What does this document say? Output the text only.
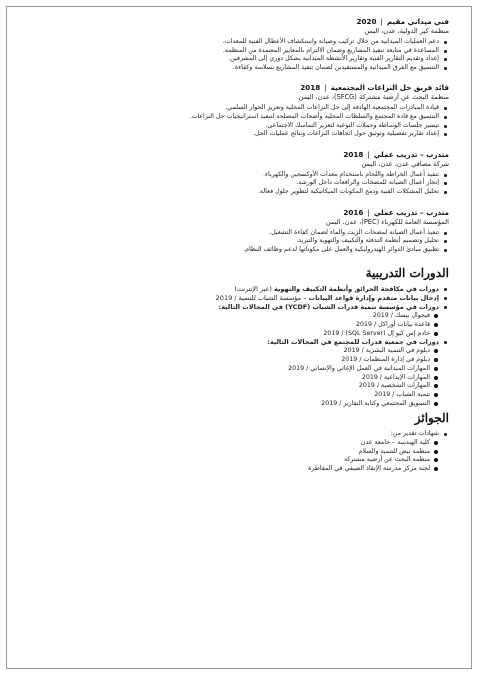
فني ميداني مقيم|2020
منظمة كير الدولية، عدن، اليمن
دعم العمليات الميدانية من خلال تركيب وصيانة واستكشاف الأعطال الفنية للمعدات.
المساعدة في متابعة تنفيذ المشاريع وضمان الالتزام بالمعايير المعتمدة من المنظمة.
إعداد وتقديم التقارير الفنية وتقارير الأنشطة الميدانية بشكل دوري إلى المشرفين.
التنسيق مع الفرق الميدانية والمستفيدين لضمان تنفيذ المشاريع بسلاسة وكفاءة.
قائد فريق حل النزاعات المجتمعية|2018
منظمة البحث عن أرضية مشتركة (SFCG)، عدن، اليمن
قيادة المبادرات المجتمعية الهادفة إلى حل النزاعات المحلية وتعزيز الحوار السلمي.
التنسيق مع قادة المجتمع والسلطات المحلية وأصحاب المصلحة لتنفيذ استراتيجيات حل النزاعات.
تيسير جلسات الوساطة وحملات التوعية لتعزيز التماسك الاجتماعي.
إعداد تقارير تفصيلية وتوثيق حول اتجاهات النزاعات ونتائج عمليات الحل.
متدرب – تدريب عملي|2018
شركة مصافي عدن، عدن، اليمن
تنفيذ أعمال الخراطة واللحام باستخدام معدات الأوكسجين والكهرباء.
إنجاز أعمال الصيانة للمضخات والرافعات داخل الورشة.
تحليل المشكلات الفنية ودمج المكونات الميكانيكية لتطوير حلول فعالة.
متدرب – تدريب عملي|2016
المؤسسة العامة للكهرباء (PEC)، عدن، اليمن
تنفيذ أعمال الصيانة لمضخات الزيت والماء لضمان كفاءة التشغيل.
تحليل وتصميم أنظمة التدفئة والتكييف والتهوية والتبريد.
تطبيق مبادئ الدوائر الهيدروليكية والعمل على مكوناتها لدعم وظائف النظام.
الدورات التدريبية
دورات في مكافحة الحرائق وأنظمة التكييف والتهوية (عبر الإنترنت)
إدخال بيانات متقدم وإدارة قواعد البيانات – مؤسسة الشباب للتنمية / 2019
دورات في مؤسسة تنمية قدرات الشباب (YCDF) في المجالات التالية:
فيجوال بيسك / 2019
قاعدة بيانات أوراكل / 2019
خادم إس كيو إل (SQL Server) / 2019
دورات في جمعية قدرات للمجتمع في المجالات التالية:
دبلوم في التنمية البشرية / 2019
دبلوم في إدارة المنظمات / 2019
المهارات الميدانية في العمل الإغاثي والإنساني / 2019
المهارات الإبداعية / 2019
المهارات الشخصية / 2019
تنمية الشباب / 2019
التسويق المجتمعي وكتابة التقارير / 2019
الجوائز
شهادات تقدير من:
كلية الهندسة – جامعة عدن
منظمة نبض للتنمية والسلام
منظمة البحث عن أرضية مشتركة
لجنة مركز مدرسة الإنقاذ الصيفي في المقاطرة
